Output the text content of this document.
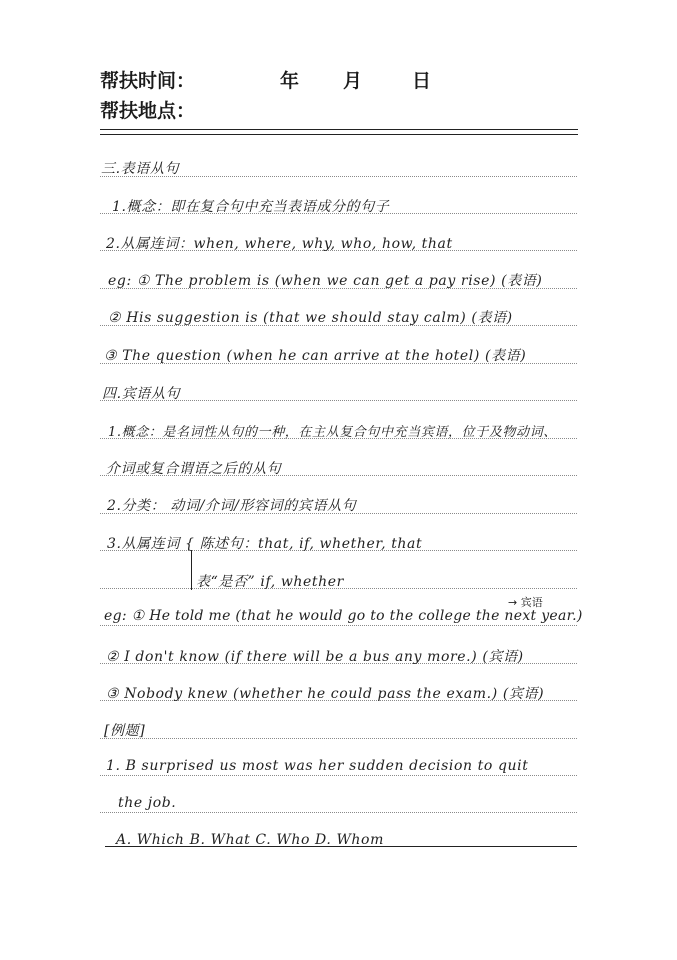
帮扶时间：	年 月	日
帮扶地点：
三.表语从句
1.概念：即在复合句中充当表语成分的句子
2.从属连词：when, where, why, who, how, that
eg: ① The problem is (when we can get a pay rise) (表语)
② His suggestion is (that we should stay calm) (表语)
③ The question (when he can arrive at the hotel) (表语)
四.宾语从句
1.概念：是名词性从句的一种，在主从复合句中充当宾语，位于及物动词、
介词或复合谓语之后的从句
2.分类： 动词/介词/形容词的宾语从句
3.从属连词 { 陈述句：that, if, whether, that
表“是否” if, whether
→ 宾语
eg: ① He told me (that he would go to the college the next year.)
② I don't know (if there will be a bus any more.) (宾语)
③ Nobody knew (whether he could pass the exam.) (宾语)
[例题]
1. B surprised us most was her sudden decision to quit
the job.
A. Which B. What C. Who D. Whom
